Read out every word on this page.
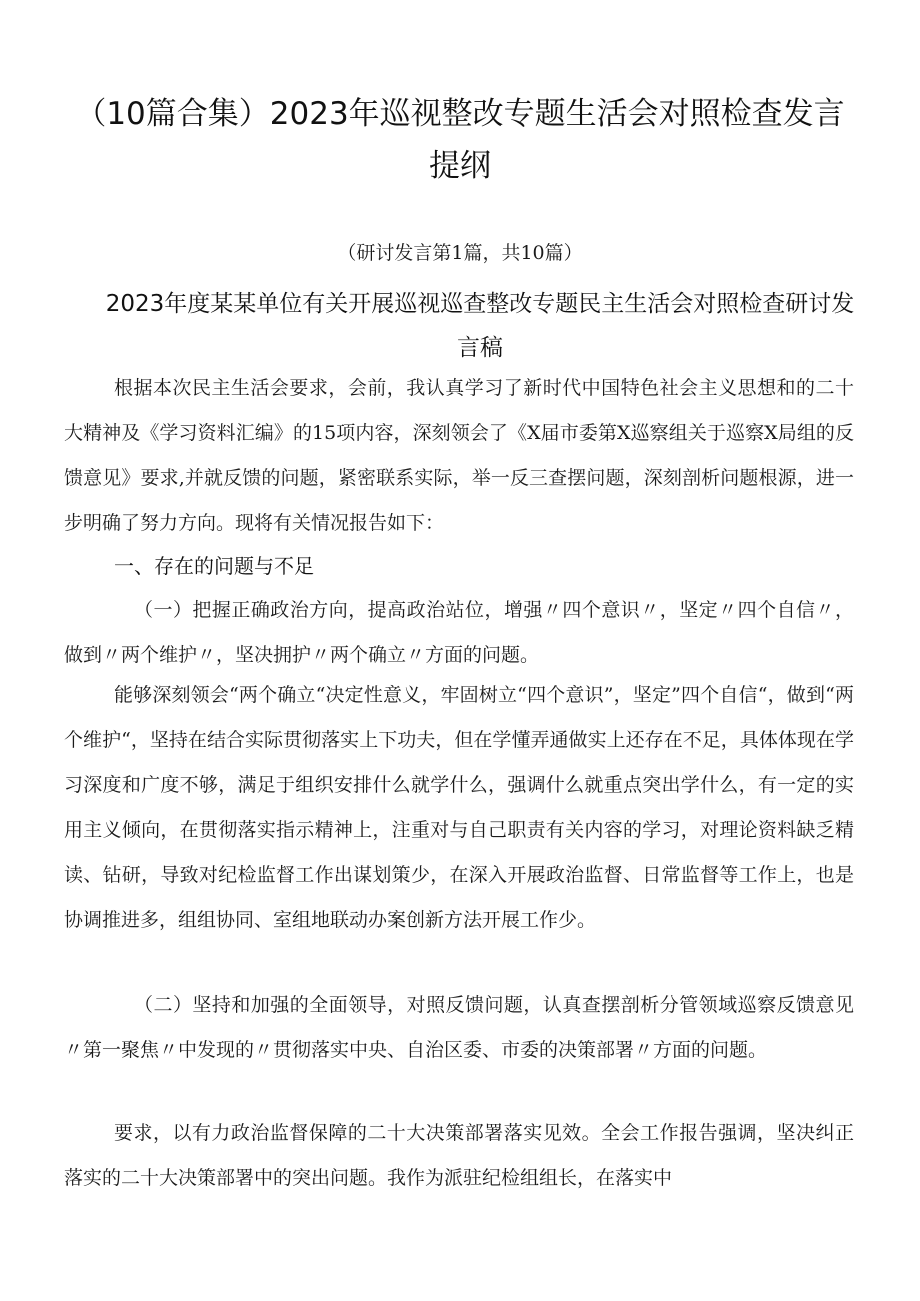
（10篇合集）2023年巡视整改专题生活会对照检查发言提纲
（研讨发言第1篇，共10篇）
2023年度某某单位有关开展巡视巡查整改专题民主生活会对照检查研讨发言稿

根据本次民主生活会要求，会前，我认真学习了新时代中国特色社会主义思想和的二十大精神及《学习资料汇编》的15项内容，深刻领会了《X届市委第X巡察组关于巡察X局组的反馈意见》要求,并就反馈的问题，紧密联系实际，举一反三查摆问题，深刻剖析问题根源，进一步明确了努力方向。现将有关情况报告如下：

一、存在的问题与不足

（一）把握正确政治方向，提高政治站位，增强〃四个意识〃，坚定〃四个自信〃，做到〃两个维护〃，坚决拥护〃两个确立〃方面的问题。

能够深刻领会“两个确立“决定性意义，牢固树立“四个意识”，坚定”四个自信“，做到“两个维护“，坚持在结合实际贯彻落实上下功夫，但在学懂弄通做实上还存在不足，具体体现在学习深度和广度不够，满足于组织安排什么就学什么，强调什么就重点突出学什么，有一定的实用主义倾向，在贯彻落实指示精神上，注重对与自己职责有关内容的学习，对理论资料缺乏精读、钻研，导致对纪检监督工作出谋划策少，在深入开展政治监督、日常监督等工作上，也是协调推进多，组组协同、室组地联动办案创新方法开展工作少。

（二）坚持和加强的全面领导，对照反馈问题，认真查摆剖析分管领域巡察反馈意见〃第一聚焦〃中发现的〃贯彻落实中央、自治区委、市委的决策部署〃方面的问题。

要求，以有力政治监督保障的二十大决策部署落实见效。全会工作报告强调，坚决纠正落实的二十大决策部署中的突出问题。我作为派驻纪检组组长，在落实中
